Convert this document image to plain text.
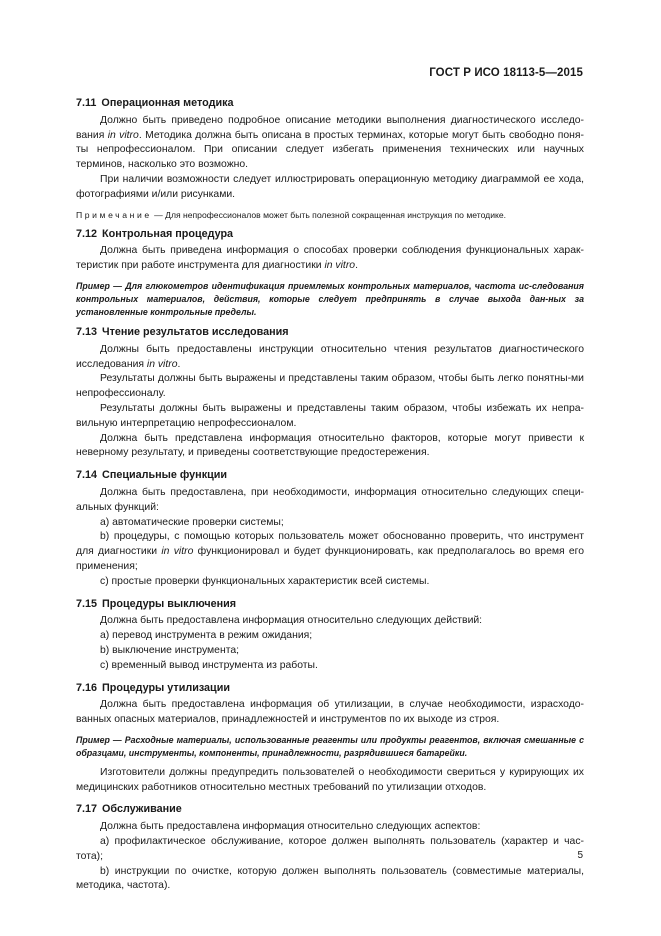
ГОСТ Р ИСО 18113-5—2015
7.11 Операционная методика

Должно быть приведено подробное описание методики выполнения диагностического исследо-вания in vitro. Методика должна быть описана в простых терминах, которые могут быть свободно поня-ты непрофессионалом. При описании следует избегать применения технических или научных терминов, насколько это возможно.

При наличии возможности следует иллюстрировать операционную методику диаграммой ее хода, фотографиями и/или рисунками.

Примечание — Для непрофессионалов может быть полезной сокращенная инструкция по методике.
7.12 Контрольная процедура

Должна быть приведена информация о способах проверки соблюдения функциональных харак-теристик при работе инструмента для диагностики in vitro.

Пример — Для глюкометров идентификация приемлемых контрольных материалов, частота ис-следования контрольных материалов, действия, которые следует предпринять в случае выхода дан-ных за установленные контрольные пределы.
7.13 Чтение результатов исследования

Должны быть предоставлены инструкции относительно чтения результатов диагностического исследования in vitro.

Результаты должны быть выражены и представлены таким образом, чтобы быть легко понятны-ми непрофессионалу.

Результаты должны быть выражены и представлены таким образом, чтобы избежать их непра-вильную интерпретацию непрофессионалом.

Должна быть представлена информация относительно факторов, которые могут привести к неверному результату, и приведены соответствующие предостережения.

7.14 Специальные функции

Должна быть предоставлена, при необходимости, информация относительно следующих специ-альных функций:

a) автоматические проверки системы;

b) процедуры, с помощью которых пользователь может обоснованно проверить, что инструмент для диагностики in vitro функционировал и будет функционировать, как предполагалось во время его применения;

c) простые проверки функциональных характеристик всей системы.

7.15 Процедуры выключения

Должна быть предоставлена информация относительно следующих действий:

a) перевод инструмента в режим ожидания;

b) выключение инструмента;

c) временный вывод инструмента из работы.

7.16 Процедуры утилизации

Должна быть предоставлена информация об утилизации, в случае необходимости, израсходо-ванных опасных материалов, принадлежностей и инструментов по их выходе из строя.

Пример — Расходные материалы, использованные реагенты или продукты реагентов, включая смешанные с образцами, инструменты, компоненты, принадлежности, разрядившиеся батарейки.

Изготовители должны предупредить пользователей о необходимости свериться у курирующих их медицинских работников относительно местных требований по утилизации отходов.

7.17 Обслуживание

Должна быть предоставлена информация относительно следующих аспектов:

a) профилактическое обслуживание, которое должен выполнять пользователь (характер и час-тота);

b) инструкции по очистке, которую должен выполнять пользователь (совместимые материалы, методика, частота).

5
